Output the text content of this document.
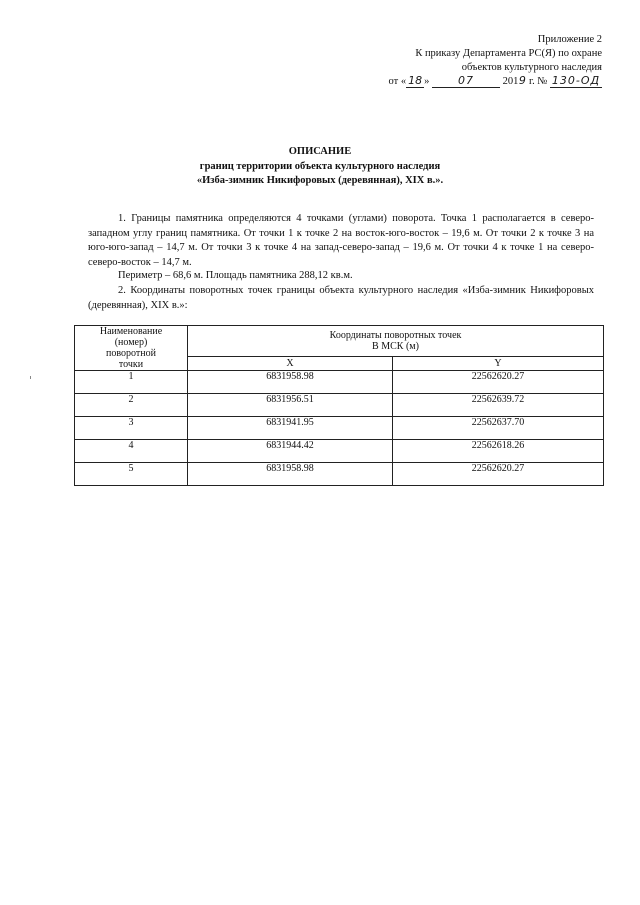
Приложение 2
К приказу Департамента РС(Я) по охране
объектов культурного наследия
от « 18 »	07	2019 г. № 130-ОД
ОПИСАНИЕ
границ территории объекта культурного наследия
«Изба-зимник Никифоровых (деревянная), XIX в.».
1. Границы памятника определяются 4 точками (углами) поворота. Точка 1 располагается в северо-западном углу границ памятника. От точки 1 к точке 2 на восток-юго-восток – 19,6 м. От точки 2 к точке 3 на юго-юго-запад – 14,7 м. От точки 3 к точке 4 на запад-северо-запад – 19,6 м. От точки 4 к точке 1 на северо-северо-восток – 14,7 м.
Периметр – 68,6 м. Площадь памятника 288,12 кв.м.
2. Координаты поворотных точек границы объекта культурного наследия «Изба-зимник Никифоровых (деревянная), XIX в.»:
Наименование
(номер)
поворотной
точки	Координаты поворотных точек
В МСК (м)	

	X	Y
1	6831958.98	22562620.27
2	6831956.51	22562639.72
3	6831941.95	22562637.70
4	6831944.42	22562618.26
5	6831958.98	22562620.27
